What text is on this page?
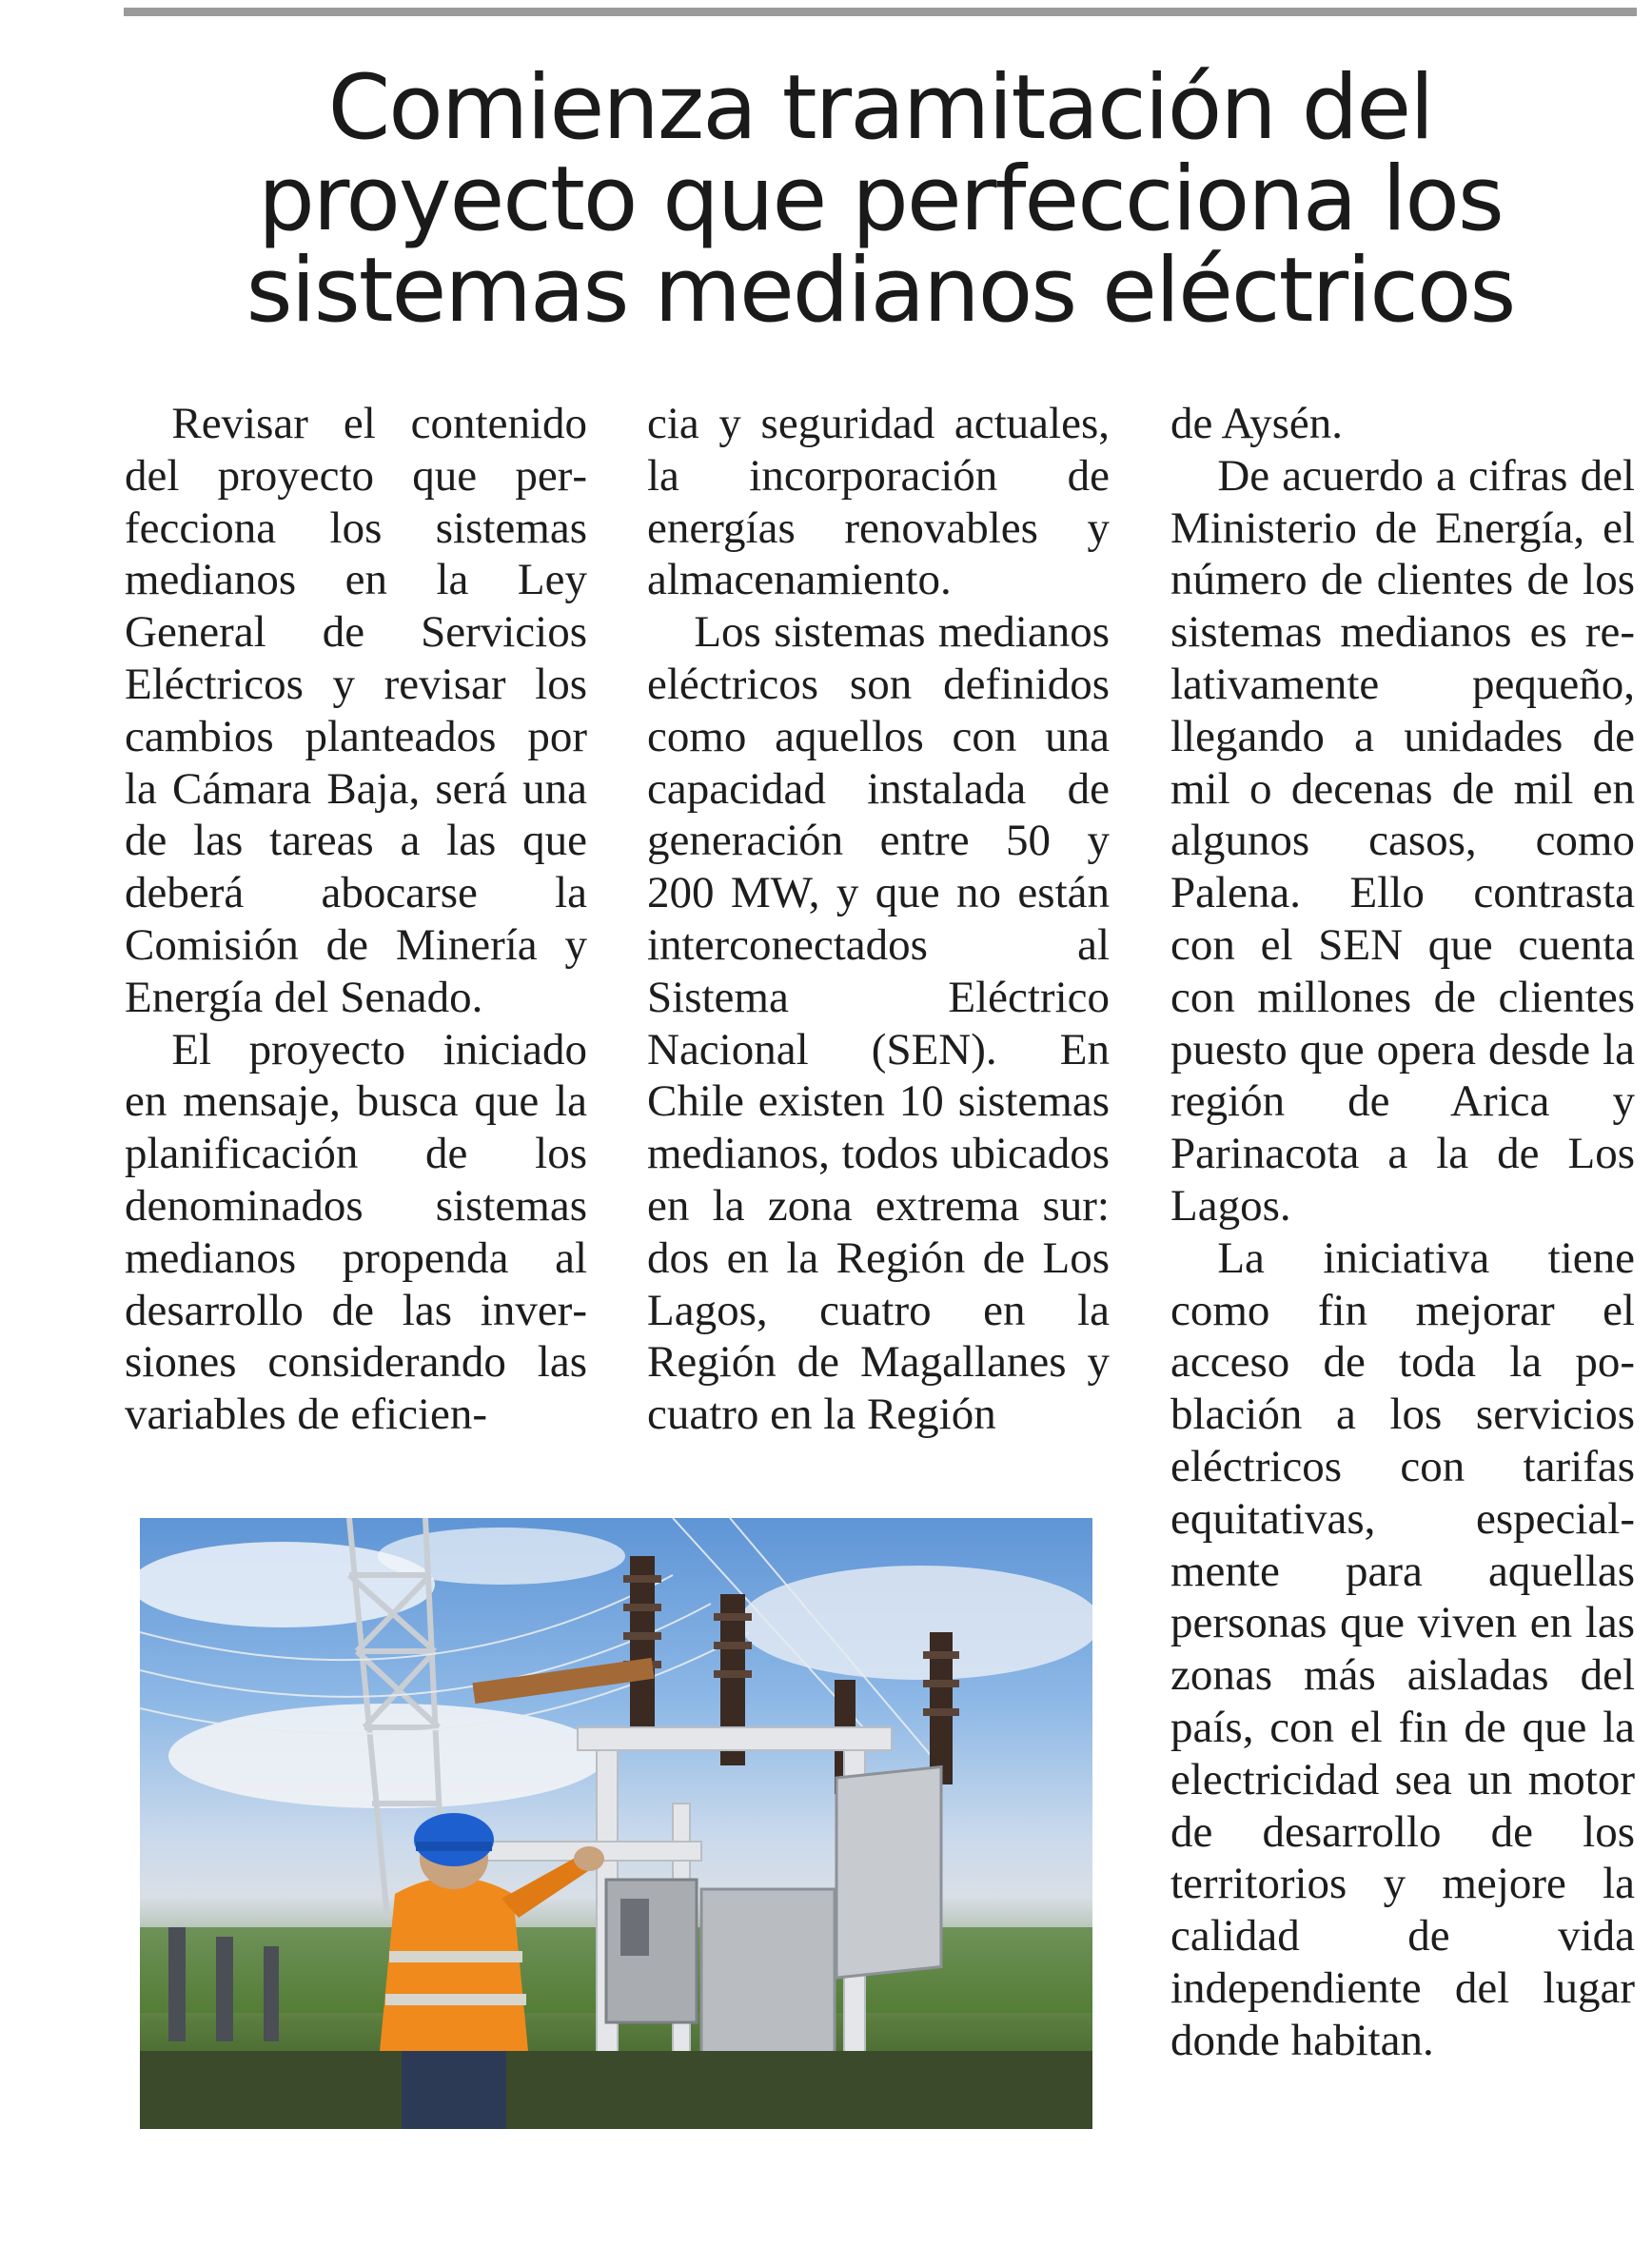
Comienza tramitación del
proyecto que perfecciona los
sistemas medianos eléctricos

Revisar el contenido del proyecto que perfecciona los sistemas medianos en la Ley General de Servicios Eléctricos y revisar los cambios planteados por la Cámara Baja, será una de las tareas a las que deberá abocarse la Comisión de Minería y Energía del Senado.

El proyecto iniciado en mensaje, busca que la planificación de los denominados sistemas medianos propenda al desarrollo de las inversiones considerando las variables de eficien-

cia y seguridad actuales, la incorporación de energías renovables y almacenamiento.

Los sistemas medianos eléctricos son definidos como aquellos con una capacidad instalada de generación entre 50 y 200 MW, y que no están interconectados al Sistema Eléctrico Nacional (SEN). En Chile existen 10 sistemas medianos, todos ubicados en la zona extrema sur: dos en la Región de Los Lagos, cuatro en la Región de Magallanes y cuatro en la Región

de Aysén.

De acuerdo a cifras del Ministerio de Energía, el número de clientes de los sistemas medianos es relativamente pequeño, llegando a unidades de mil o decenas de mil en algunos casos, como Palena. Ello contrasta con el SEN que cuenta con millones de clientes puesto que opera desde la región de Arica y Parinacota a la de Los Lagos.

La iniciativa tiene como fin mejorar el acceso de toda la población a los servicios eléctricos con tarifas equitativas, especialmente para aquellas personas que viven en las zonas más aisladas del país, con el fin de que la electricidad sea un motor de desarrollo de los territorios y mejore la calidad de vida independiente del lugar donde habitan.
